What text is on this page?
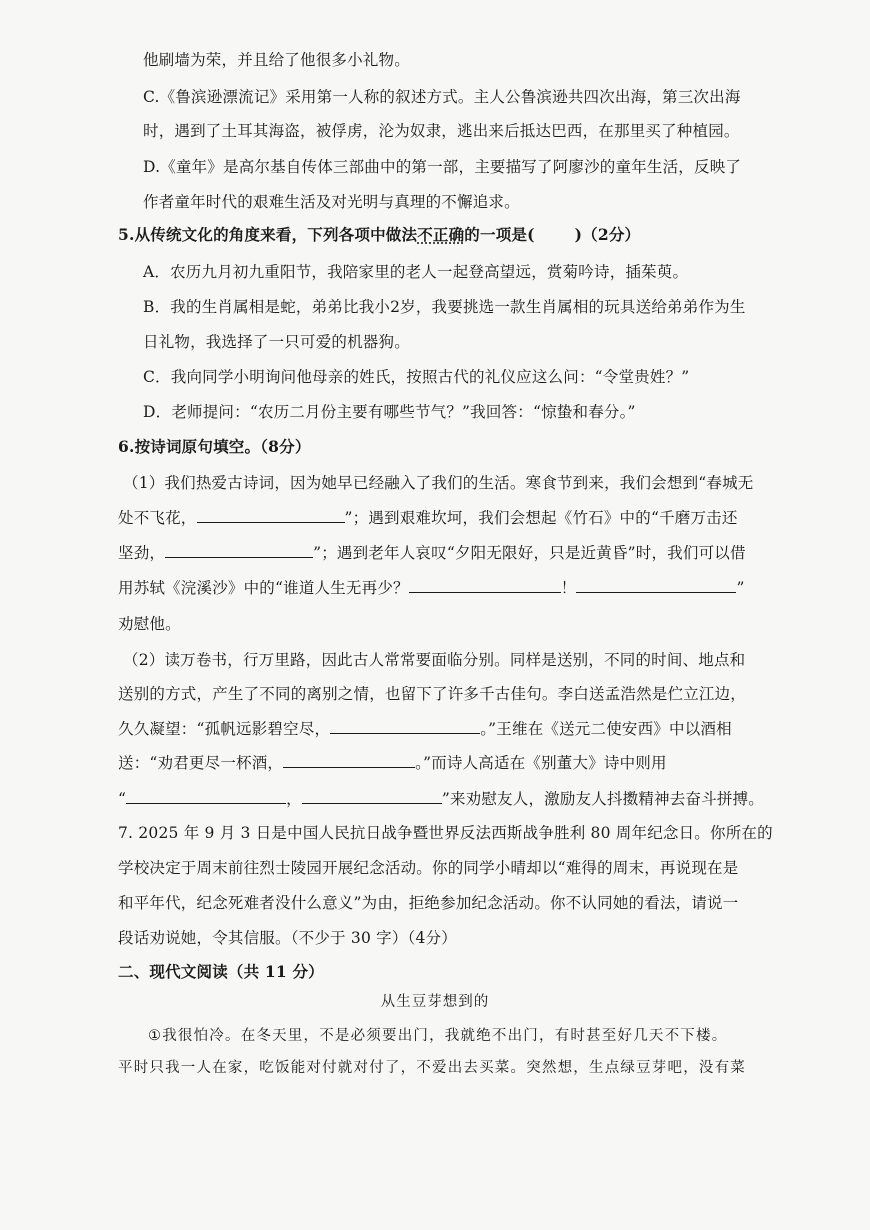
他刷墙为荣，并且给了他很多小礼物。
C.《鲁滨逊漂流记》采用第一人称的叙述方式。主人公鲁滨逊共四次出海，第三次出海
时，遇到了土耳其海盗，被俘虏，沦为奴隶，逃出来后抵达巴西，在那里买了种植园。
D.《童年》是高尔基自传体三部曲中的第一部，主要描写了阿廖沙的童年生活，反映了
作者童年时代的艰难生活及对光明与真理的不懈追求。
5.从传统文化的角度来看，下列各项中做法不正确的一项是(	)（2分）
A．农历九月初九重阳节，我陪家里的老人一起登高望远，赏菊吟诗，插茱萸。
B．我的生肖属相是蛇，弟弟比我小2岁，我要挑选一款生肖属相的玩具送给弟弟作为生
日礼物，我选择了一只可爱的机器狗。
C．我向同学小明询问他母亲的姓氏，按照古代的礼仪应这么问：“令堂贵姓？”
D．老师提问：“农历二月份主要有哪些节气？”我回答：“惊蛰和春分。”
6.按诗词原句填空。（8分）
（1）我们热爱古诗词，因为她早已经融入了我们的生活。寒食节到来，我们会想到“春城无
处不飞花，	”；遇到艰难坎坷，我们会想起《竹石》中的“千磨万击还
坚劲，	”；遇到老年人哀叹“夕阳无限好，只是近黄昏”时，我们可以借
用苏轼《浣溪沙》中的“谁道人生无再少？	！	”
劝慰他。
（2）读万卷书，行万里路，因此古人常常要面临分别。同样是送别，不同的时间、地点和
送别的方式，产生了不同的离别之情，也留下了许多千古佳句。李白送孟浩然是伫立江边，
久久凝望：“孤帆远影碧空尽，	。”王维在《送元二使安西》中以酒相
送：“劝君更尽一杯酒，	。”而诗人高适在《别董大》诗中则用
“	，	”来劝慰友人，激励友人抖擞精神去奋斗拼搏。
7. 2025 年 9 月 3 日是中国人民抗日战争暨世界反法西斯战争胜利 80 周年纪念日。你所在的
学校决定于周末前往烈士陵园开展纪念活动。你的同学小晴却以“难得的周末，再说现在是
和平年代，纪念死难者没什么意义”为由，拒绝参加纪念活动。你不认同她的看法，请说一
段话劝说她，令其信服。（不少于 30 字）（4分）
二、现代文阅读（共 11 分）
从生豆芽想到的
①我很怕冷。在冬天里，不是必须要出门，我就绝不出门，有时甚至好几天不下楼。
平时只我一人在家，吃饭能对付就对付了，不爱出去买菜。突然想，生点绿豆芽吧，没有菜
